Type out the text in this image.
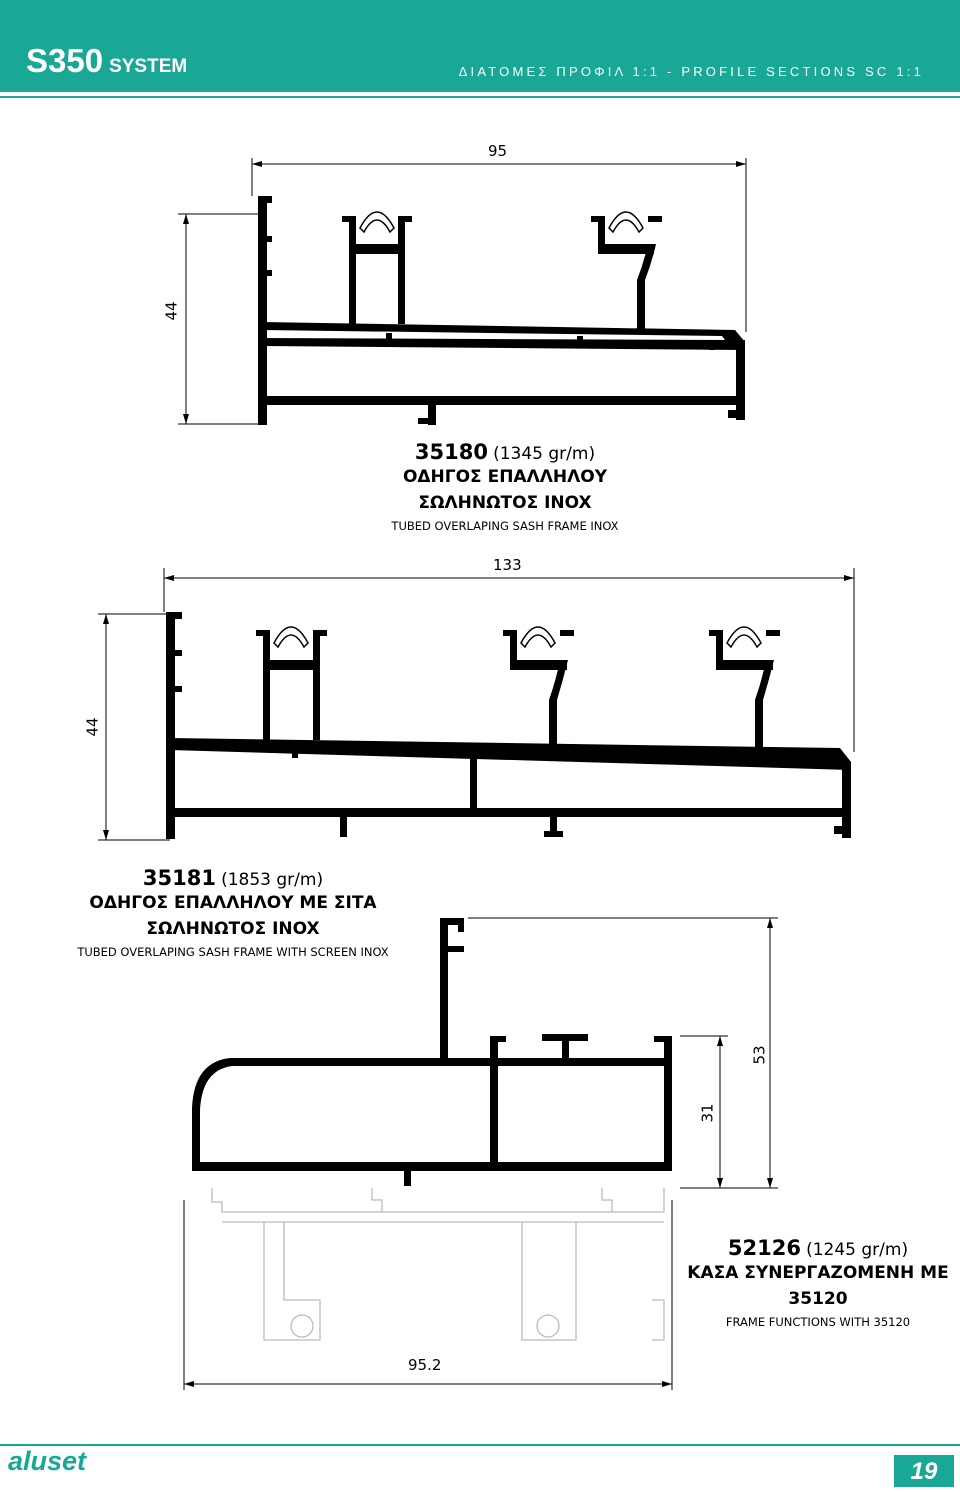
S350 SYSTEM	ΔΙΑΤΟΜΕΣ ΠΡΟΦΙΛ 1:1 - PROFILE SECTIONS SC 1:1
95
44
133
44
53
31
95.2
35180 (1345 gr/m)
ΟΔΗΓΟΣ ΕΠΑΛΛΗΛΟΥ
ΣΩΛΗΝΩΤΟΣ INOX
TUBED OVERLAPING SASH FRAME INOX
35181 (1853 gr/m)
ΟΔΗΓΟΣ ΕΠΑΛΛΗΛΟΥ ΜΕ ΣΙΤΑ
ΣΩΛΗΝΩΤΟΣ INOX
TUBED OVERLAPING SASH FRAME WITH SCREEN INOX
52126 (1245 gr/m)
ΚΑΣΑ ΣΥΝΕΡΓΑΖΟΜΕΝΗ ΜΕ
35120
FRAME FUNCTIONS WITH 35120
aluset	19
